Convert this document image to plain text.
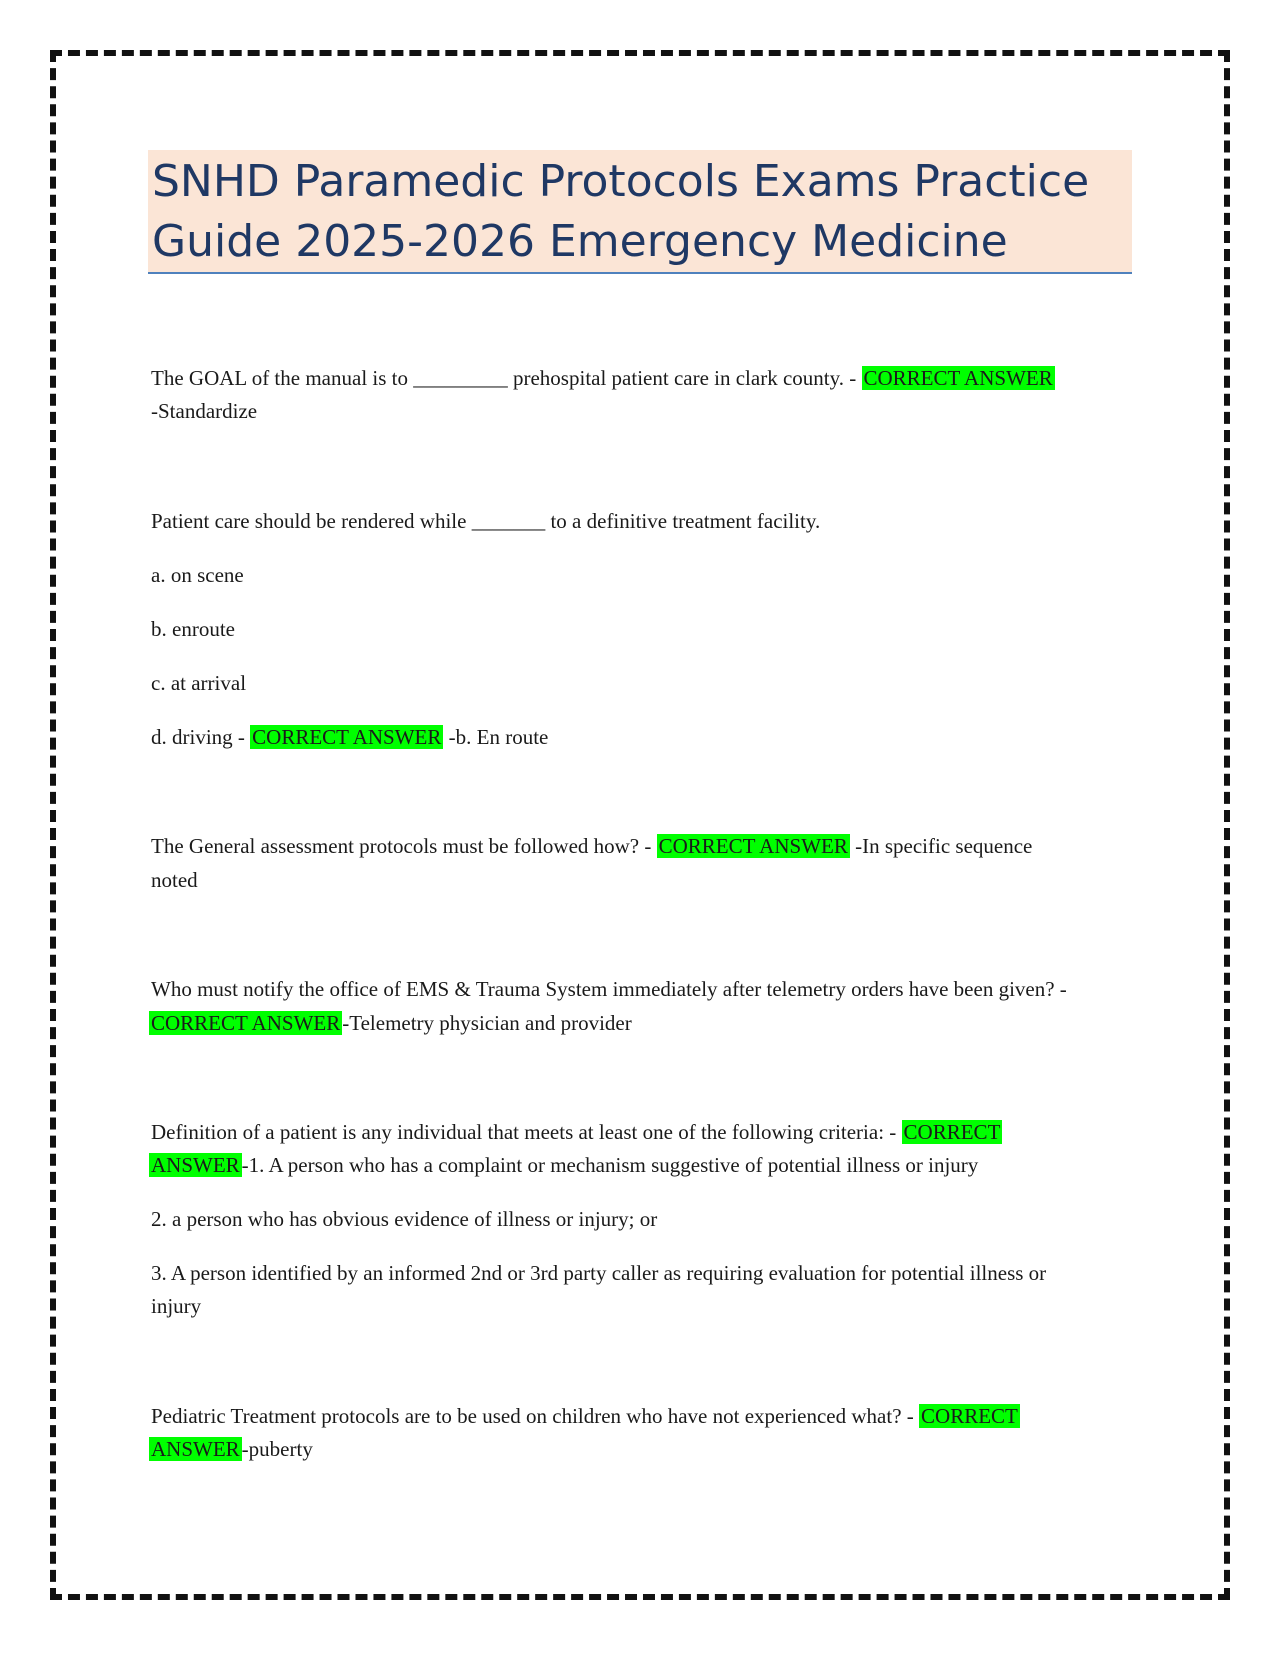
SNHD Paramedic Protocols Exams Practice
Guide 2025-2026 Emergency Medicine
The GOAL of the manual is to _________ prehospital patient care in clark county. - CORRECT ANSWER
-Standardize
Patient care should be rendered while _______ to a definitive treatment facility.
a. on scene
b. enroute
c. at arrival
d. driving - CORRECT ANSWER -b. En route
The General assessment protocols must be followed how? - CORRECT ANSWER -In specific sequence
noted
Who must notify the office of EMS & Trauma System immediately after telemetry orders have been given? -
CORRECT ANSWER-Telemetry physician and provider
Definition of a patient is any individual that meets at least one of the following criteria: - CORRECT
ANSWER-1. A person who has a complaint or mechanism suggestive of potential illness or injury
2. a person who has obvious evidence of illness or injury; or
3. A person identified by an informed 2nd or 3rd party caller as requiring evaluation for potential illness or
injury
Pediatric Treatment protocols are to be used on children who have not experienced what? - CORRECT
ANSWER-puberty
